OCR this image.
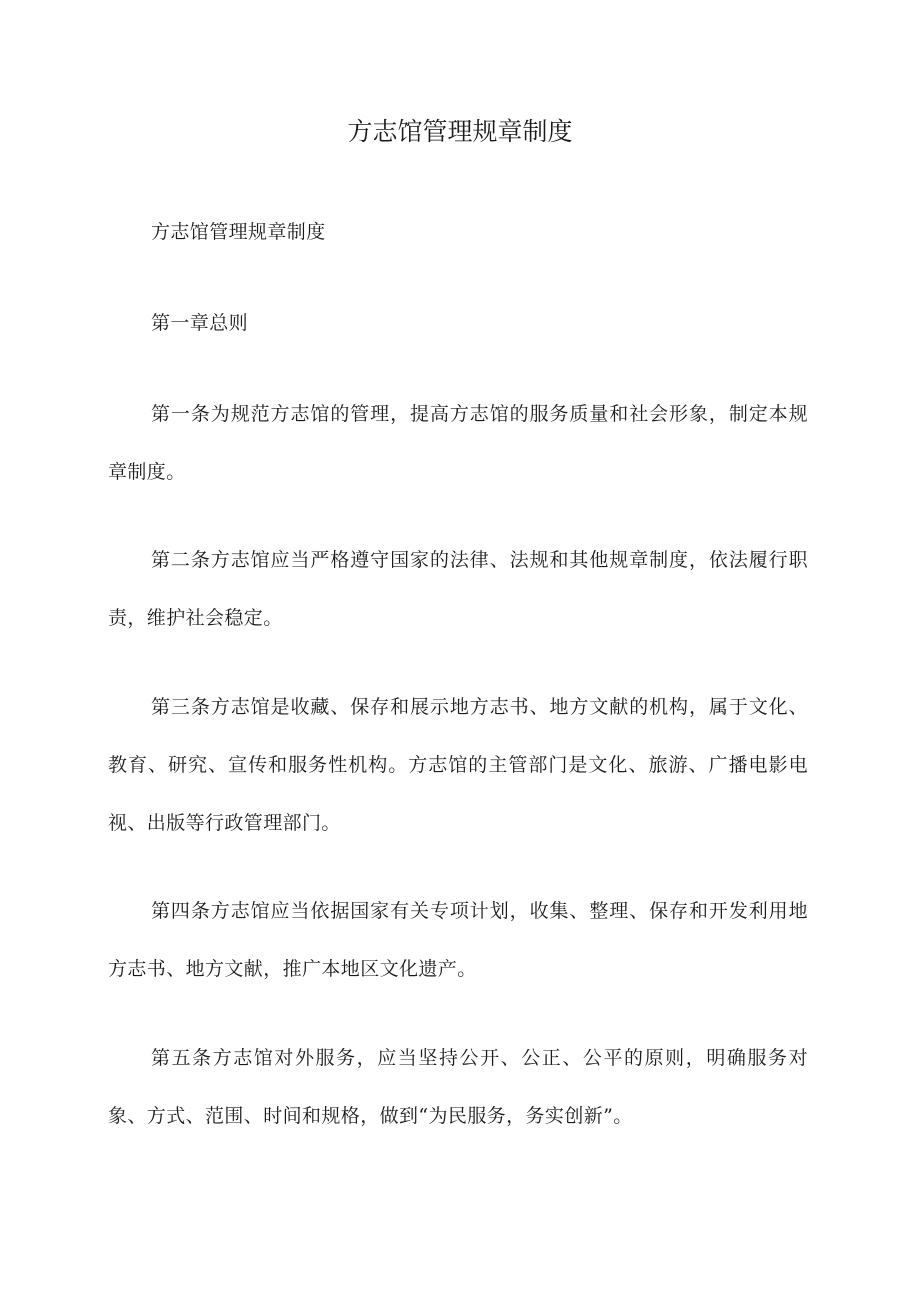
方志馆管理规章制度

方志馆管理规章制度

第一章总则

第一条为规范方志馆的管理，提高方志馆的服务质量和社会形象，制定本规章制度。

第二条方志馆应当严格遵守国家的法律、法规和其他规章制度，依法履行职责，维护社会稳定。

第三条方志馆是收藏、保存和展示地方志书、地方文献的机构，属于文化、教育、研究、宣传和服务性机构。方志馆的主管部门是文化、旅游、广播电影电视、出版等行政管理部门。

第四条方志馆应当依据国家有关专项计划，收集、整理、保存和开发利用地方志书、地方文献，推广本地区文化遗产。

第五条方志馆对外服务，应当坚持公开、公正、公平的原则，明确服务对象、方式、范围、时间和规格，做到“为民服务，务实创新”。
